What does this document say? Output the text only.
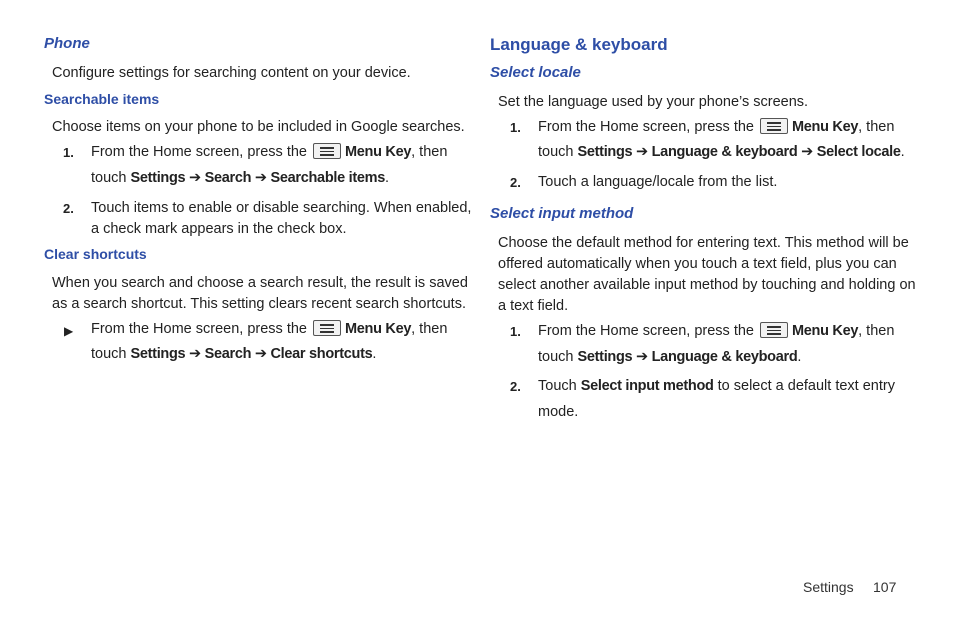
Phone
Configure settings for searching content on your device.
Searchable items
Choose items on your phone to be included in Google searches.
1. From the Home screen, press the	Menu Key, then
touch Settings ➔ Search ➔ Searchable items.
2. Touch items to enable or disable searching. When enabled,
a check mark appears in the check box.
Clear shortcuts
When you search and choose a search result, the result is saved
as a search shortcut. This setting clears recent search shortcuts.
▶ From the Home screen, press the	Menu Key, then
touch Settings ➔ Search ➔ Clear shortcuts.
Language & keyboard
Select locale
Set the language used by your phone’s screens.
1. From the Home screen, press the	Menu Key, then
touch Settings ➔ Language & keyboard ➔ Select locale.
2. Touch a language/locale from the list.
Select input method
Choose the default method for entering text. This method will be
offered automatically when you touch a text field, plus you can
select another available input method by touching and holding on
a text field.
1. From the Home screen, press the	Menu Key, then
touch Settings ➔ Language & keyboard.
2. Touch Select input method to select a default text entry
mode.
Settings 107
